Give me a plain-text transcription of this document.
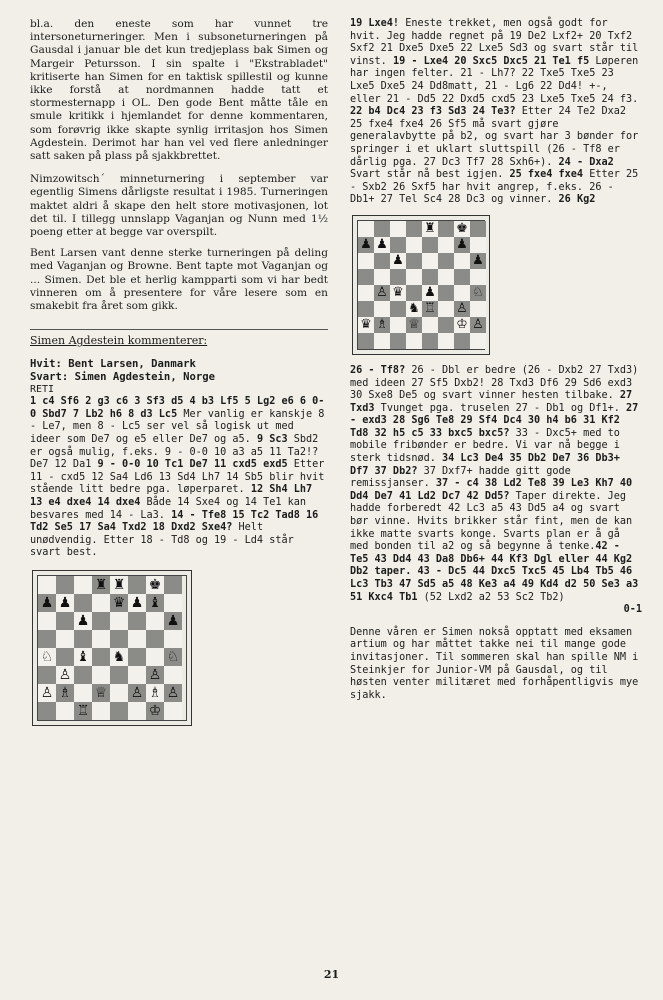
bl.a. den eneste som har vunnet tre intersoneturneringer. Men i subsoneturneringen på Gausdal i januar ble det kun tredjeplass bak Simen og Margeir Petursson. I sin spalte i "Ekstrabladet" kritiserte han Simen for en taktisk spillestil og kunne ikke forstå at nordmannen hadde tatt et stormesternapp i OL. Den gode Bent måtte tåle en smule kritikk i hjemlandet for denne kommentaren, som forøvrig ikke skapte synlig irritasjon hos Simen Agdestein. Derimot har han vel ved flere anledninger satt saken på plass på sjakkbrettet.

Nimzowitsch´ minneturnering i september var egentlig Simens dårligste resultat i 1985. Turneringen maktet aldri å skape den helt store motivasjonen, lot det til. I tillegg unnslapp Vaganjan og Nunn med 1½ poeng etter at begge var overspilt.

Bent Larsen vant denne sterke turneringen på deling med Vaganjan og Browne. Bent tapte mot Vaganjan og ... Simen. Det ble et herlig kampparti som vi har bedt vinneren om å presentere for våre lesere som en smakebit fra året som gikk.

Simen Agdestein kommenterer:
Hvit: Bent Larsen, Danmark
Svart: Simen Agdestein, Norge
RETI

1 c4 Sf6 2 g3 c6 3 Sf3 d5 4 b3 Lf5 5 Lg2 e6 6 0-0 Sbd7 7 Lb2 h6 8 d3 Lc5 Mer vanlig er kanskje 8 - Le7, men 8 - Lc5 ser vel så logisk ut med ideer som De7 og e5 eller De7 og a5. 9 Sc3 Sbd2 er også mulig, f.eks. 9 - 0-0 10 a3 a5 11 Ta2!? De7 12 Da1 9 - 0-0 10 Tc1 De7 11 cxd5 exd5 Etter 11 - cxd5 12 Sa4 Ld6 13 Sd4 Lh7 14 Sb5 blir hvit stående litt bedre pga. løperparet. 12 Sh4 Lh7 13 e4 dxe4 14 dxe4 Både 14 Sxe4 og 14 Te1 kan besvares med 14 - La3. 14 - Tfe8 15 Tc2 Tad8 16 Td2 Se5 17 Sa4 Txd2 18 Dxd2 Sxe4? Helt unødvendig. Etter 18 - Td8 og 19 - Ld4 står svart best.

♜ ♜ ♚
♟ ♟	♛ ♟ ♝
♟	♟
♘ ♝ ♞	♘
♙	♙
♙ ♗ ♕ ♙ ♗ ♙
♖	♔

19 Lxe4! Eneste trekket, men også godt for hvit. Jeg hadde regnet på 19 De2 Lxf2+ 20 Txf2 Sxf2 21 Dxe5 Dxe5 22 Lxe5 Sd3 og svart står til vinst. 19 - Lxe4 20 Sxc5 Dxc5 21 Te1 f5 Løperen har ingen felter. 21 - Lh7? 22 Txe5 Txe5 23 Lxe5 Dxe5 24 Dd8matt, 21 - Lg6 22 Dd4! +-, eller 21 - Dd5 22 Dxd5 cxd5 23 Lxe5 Txe5 24 f3. 22 b4 Dc4 23 f3 Sd3 24 Te3? Etter 24 Te2 Dxa2 25 fxe4 fxe4 26 Sf5 må svart gjøre generalavbytte på b2, og svart har 3 bønder for springer i et uklart sluttspill (26 - Tf8 er dårlig pga. 27 Dc3 Tf7 28 Sxh6+). 24 - Dxa2 Svart står nå best igjen. 25 fxe4 fxe4 Etter 25 - Sxb2 26 Sxf5 har hvit angrep, f.eks. 26 - Db1+ 27 Tel Sc4 28 Dc3 og vinner. 26 Kg2

♜ ♚
♟ ♟	♟
♟	♟
♙ ♛ ♟	♘
♞ ♖ ♙
♛ ♗ ♕	♔ ♙

26 - Tf8? 26 - Dbl er bedre (26 - Dxb2 27 Txd3) med ideen 27 Sf5 Dxb2! 28 Txd3 Df6 29 Sd6 exd3 30 Sxe8 De5 og svart vinner hesten tilbake. 27 Txd3 Tvunget pga. truselen 27 - Db1 og Df1+. 27 - exd3 28 Sg6 Te8 29 Sf4 Dc4 30 h4 b6 31 Kf2 Td8 32 h5 c5 33 bxc5 bxc5? 33 - Dxc5+ med to mobile fribønder er bedre. Vi var nå begge i sterk tidsnød. 34 Lc3 De4 35 Db2 De7 36 Db3+ Df7 37 Db2? 37 Dxf7+ hadde gitt gode remissjanser. 37 - c4 38 Ld2 Te8 39 Le3 Kh7 40 Dd4 De7 41 Ld2 Dc7 42 Dd5? Taper direkte. Jeg hadde forberedt 42 Lc3 a5 43 Dd5 a4 og svart bør vinne. Hvits brikker står fint, men de kan ikke matte svarts konge. Svarts plan er å gå med bonden til a2 og så begynne å tenke.42 - Te5 43 Dd4 43 Da8 Db6+ 44 Kf3 Dgl eller 44 Kg2 Db2 taper. 43 - Dc5 44 Dxc5 Txc5 45 Lb4 Tb5 46 Lc3 Tb3 47 Sd5 a5 48 Ke3 a4 49 Kd4 d2 50 Se3 a3 51 Kxc4 Tb1 (52 Lxd2 a2 53 Sc2 Tb2)

0-1

Denne våren er Simen nokså opptatt med eksamen artium og har måttet takke nei til mange gode invitasjoner. Til sommeren skal han spille NM i Steinkjer for Junior-VM på Gausdal, og til høsten venter militæret med forhåpentligvis mye sjakk.

21
